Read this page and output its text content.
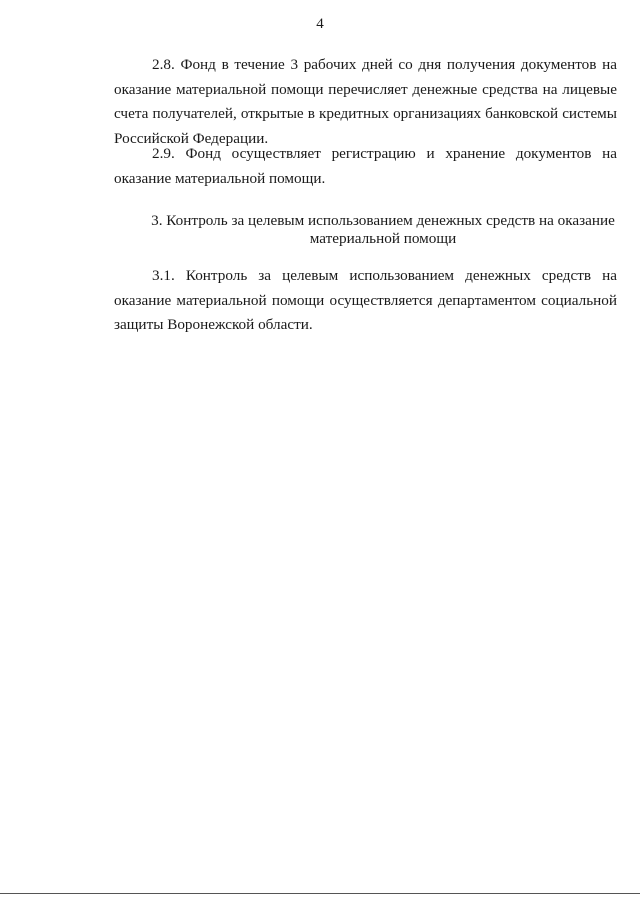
4

2.8. Фонд в течение 3 рабочих дней со дня получения документов на оказание материальной помощи перечисляет денежные средства на лицевые счета получателей, открытые в кредитных организациях банковской системы Российской Федерации.

2.9. Фонд осуществляет регистрацию и хранение документов на оказание материальной помощи.

3. Контроль за целевым использованием денежных средств на оказание материальной помощи

3.1. Контроль за целевым использованием денежных средств на оказание материальной помощи осуществляется департаментом социальной защиты Воронежской области.
